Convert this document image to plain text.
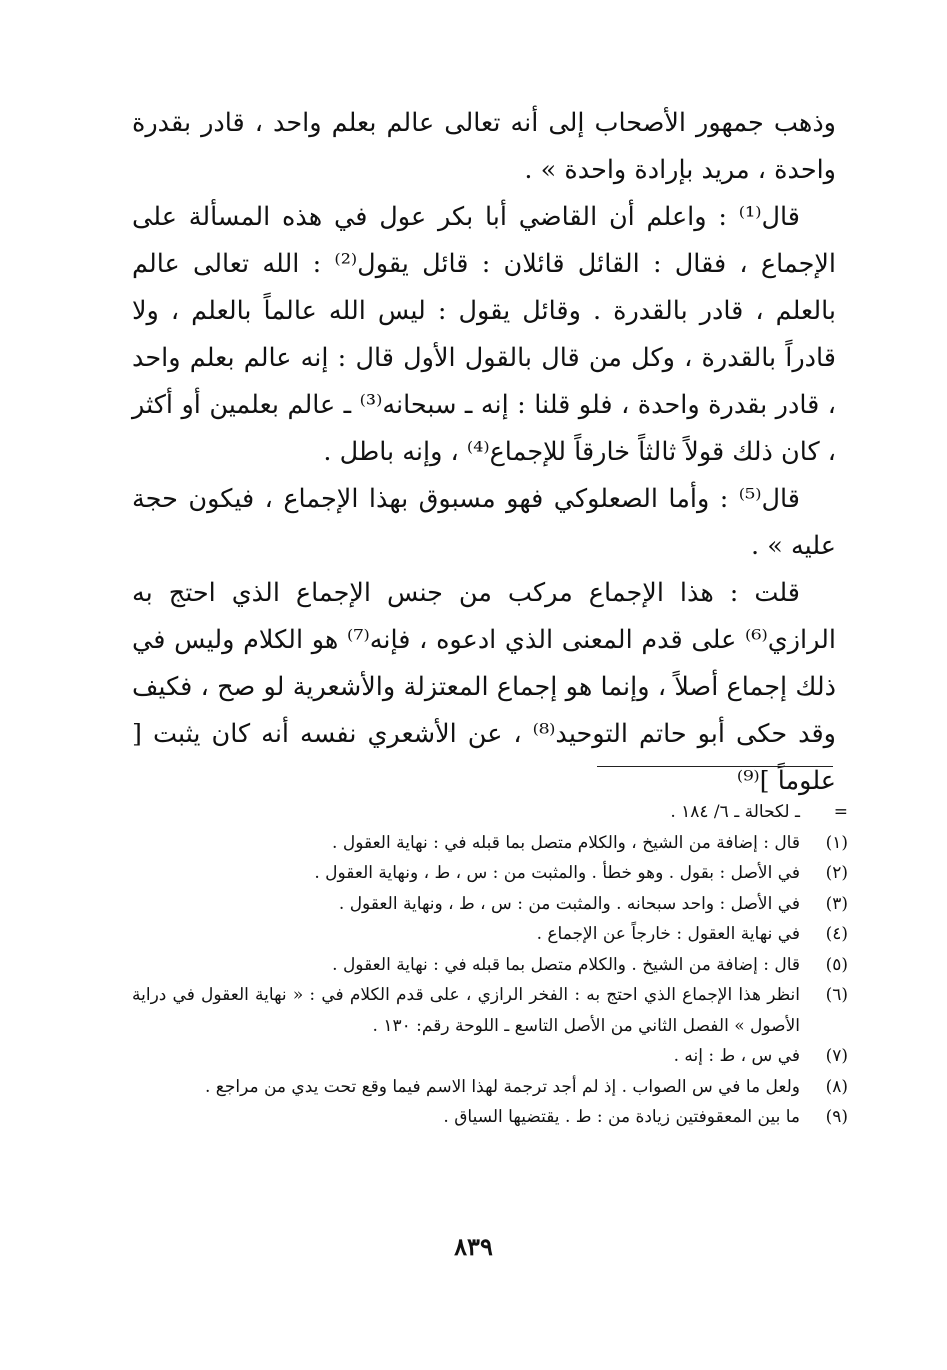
وذهب جمهور الأصحاب إلى أنه تعالى عالم بعلم واحد ، قادر بقدرة واحدة ، مريد بإرادة واحدة » .

قال⁽¹⁾ : واعلم أن القاضي أبا بكر عول في هذه المسألة على الإجماع ، فقال : القائل قائلان : قائل يقول⁽²⁾ : الله تعالى عالم بالعلم ، قادر بالقدرة . وقائل يقول : ليس الله عالماً بالعلم ، ولا قادراً بالقدرة ، وكل من قال بالقول الأول قال : إنه عالم بعلم واحد ، قادر بقدرة واحدة ، فلو قلنا : إنه ـ سبحانه⁽³⁾ ـ عالم بعلمين أو أكثر ، كان ذلك قولاً ثالثاً خارقاً للإجماع⁽⁴⁾ ، وإنه باطل .

قال⁽⁵⁾ : وأما الصعلوكي فهو مسبوق بهذا الإجماع ، فيكون حجة عليه » .

قلت : هذا الإجماع مركب من جنس الإجماع الذي احتج به الرازي⁽⁶⁾ على قدم المعنى الذي ادعوه ، فإنه⁽⁷⁾ هو الكلام وليس في ذلك إجماع أصلاً ، وإنما هو إجماع المعتزلة والأشعرية لو صح ، فكيف وقد حكى أبو حاتم التوحيد⁽⁸⁾ ، عن الأشعري نفسه أنه كان يثبت [ علوماً ]⁽⁹⁾

=
ـ لكحالة ـ ٦/ ١٨٤ .
(١)
قال : إضافة من الشيخ ، والكلام متصل بما قبله في : نهاية العقول .
(٢)
في الأصل : بقول . وهو خطأ . والمثبت من : س ، ط ، ونهاية العقول .
(٣)
في الأصل : واحد سبحانه . والمثبت من : س ، ط ، ونهاية العقول .
(٤)
في نهاية العقول : خارجاً عن الإجماع .
(٥)
قال : إضافة من الشيخ . والكلام متصل بما قبله في : نهاية العقول .
(٦)
انظر هذا الإجماع الذي احتج به : الفخر الرازي ، على قدم الكلام في : « نهاية العقول في دراية الأصول » الفصل الثاني من الأصل التاسع ـ اللوحة رقم: ١٣٠ .
(٧)
في س ، ط : إنه .
(٨)
ولعل ما في س الصواب . إذ لم أجد ترجمة لهذا الاسم فيما وقع تحت يدي من مراجع .
(٩)
ما بين المعقوفتين زيادة من : ط . يقتضيها السياق .
٨٣٩
